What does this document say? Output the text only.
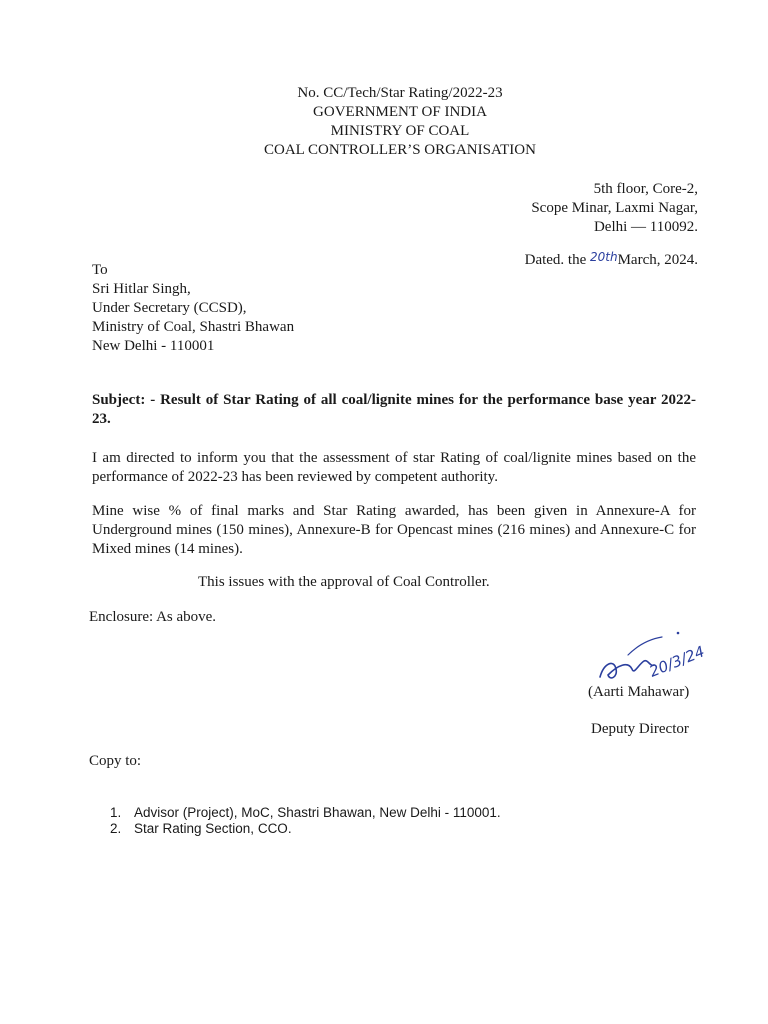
No. CC/Tech/Star Rating/2022-23
GOVERNMENT OF INDIA
MINISTRY OF COAL
COAL CONTROLLER’S ORGANISATION
5th floor, Core-2,
Scope Minar, Laxmi Nagar,
Delhi — 110092.
Dated. the $^{20th}$March, 2024.
To
Sri Hitlar Singh,
Under Secretary (CCSD),
Ministry of Coal, Shastri Bhawan
New Delhi - 110001
Subject: - Result of Star Rating of all coal/lignite mines for the performance base year 2022-23.
I am directed to inform you that the assessment of star Rating of coal/lignite mines based on the performance of 2022-23 has been reviewed by competent authority.
Mine wise % of final marks and Star Rating awarded, has been given in Annexure-A for Underground mines (150 mines), Annexure-B for Opencast mines (216 mines) and Annexure-C for Mixed mines (14 mines).
This issues with the approval of Coal Controller.
Enclosure: As above.
20/3/24
(Aarti Mahawar)
Deputy Director
Copy to:
1. Advisor (Project), MoC, Shastri Bhawan, New Delhi - 110001.
2. Star Rating Section, CCO.
